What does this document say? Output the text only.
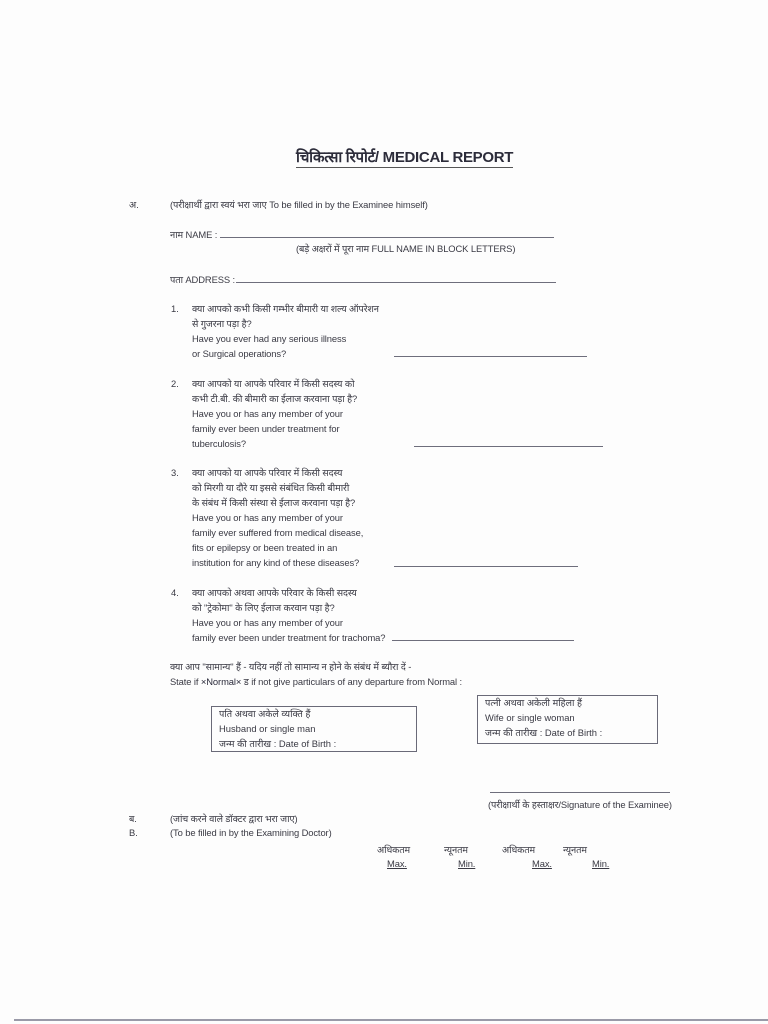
चिकित्सा रिपोर्ट/ MEDICAL REPORT
अ.	(परीक्षार्थी द्वारा स्वयं भरा जाए To be filled in by the Examinee himself)
नाम NAME :
(बड़े अक्षरों में पूरा नाम FULL NAME IN BLOCK LETTERS)
पता ADDRESS :
1. क्या आपको कभी किसी गम्भीर बीमारी या शल्य ऑपरेशन
से गुजरना पड़ा है?
Have you ever had any serious illness
or Surgical operations?
2. क्या आपको या आपके परिवार में किसी सदस्य को
कभी टी.बी. की बीमारी का ईलाज करवाना पड़ा है?
Have you or has any member of your
family ever been under treatment for
tuberculosis?
3. क्या आपको या आपके परिवार में किसी सदस्य
को मिरगी या दौरे या इससे संबंधित किसी बीमारी
के संबंध में किसी संस्था से ईलाज करवाना पड़ा है?
Have you or has any member of your
family ever suffered from medical disease,
fits or epilepsy or been treated in an
institution for any kind of these diseases?
4. क्या आपको अथवा आपके परिवार के किसी सदस्य
को "ट्रेकोमा" के लिए ईलाज करवान पड़ा है?
Have you or has any member of your
family ever been under treatment for trachoma?
क्या आप "सामान्य" हैं - यदिय नहीं तो सामान्य न होने के संबंध में ब्यौरा दें -
State if ×Normal× ड if not give particulars of any departure from Normal :
पति अथवा अकेले व्यक्ति हैं
Husband or single man
जन्म की तारीख : Date of Birth :
पत्नी अथवा अकेली महिला हैं
Wife or single woman
जन्म की तारीख : Date of Birth :
(परीक्षार्थी के हस्ताक्षर/Signature of the Examinee)
ब.	(जांच करने वाले डॉक्टर द्वारा भरा जाए)
B.	(To be filled in by the Examining Doctor)
अधिकतम	न्यूनतम	अधिकतम	न्यूनतम
Max.	Min.	Max.	Min.
